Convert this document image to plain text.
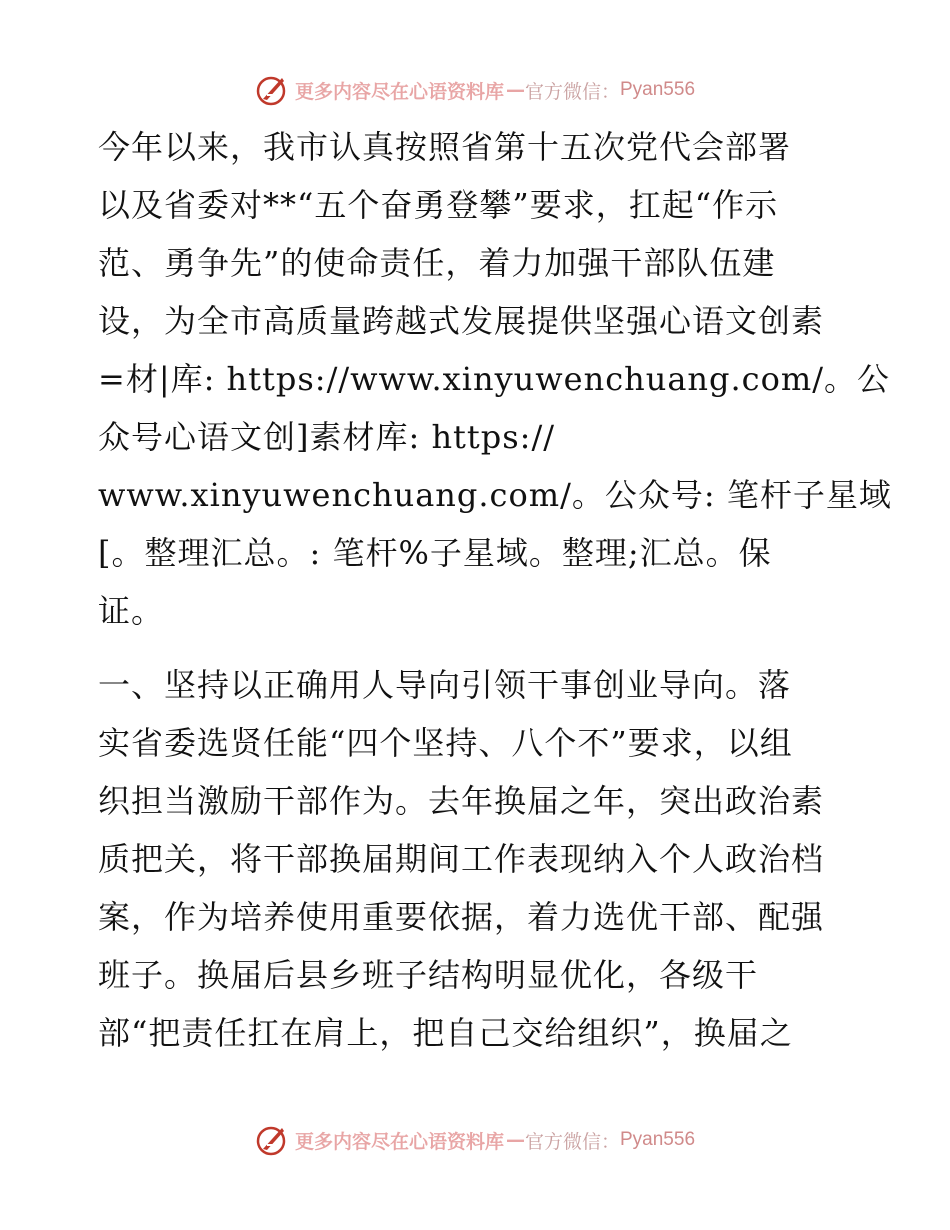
更多内容尽在心语资料库 — 官方微信： Pyan556

今年以来，我市认真按照省第十五次党代会部署
以及省委对**“五个奋勇登攀”要求，扛起“作示
范、勇争先”的使命责任，着力加强干部队伍建
设，为全市高质量跨越式发展提供坚强心语文创素
=材|库: https://www.xinyuwenchuang.com/。公
众号心语文创]素材库: https://
www.xinyuwenchuang.com/。公众号: 笔杆子星域
[。整理汇总。: 笔杆%子星域。整理;汇总。保
证。

一、坚持以正确用人导向引领干事创业导向。落
实省委选贤任能“四个坚持、八个不”要求，以组
织担当激励干部作为。去年换届之年，突出政治素
质把关，将干部换届期间工作表现纳入个人政治档
案，作为培养使用重要依据，着力选优干部、配强
班子。换届后县乡班子结构明显优化，各级干
部“把责任扛在肩上，把自己交给组织”，换届之

更多内容尽在心语资料库 — 官方微信： Pyan556
